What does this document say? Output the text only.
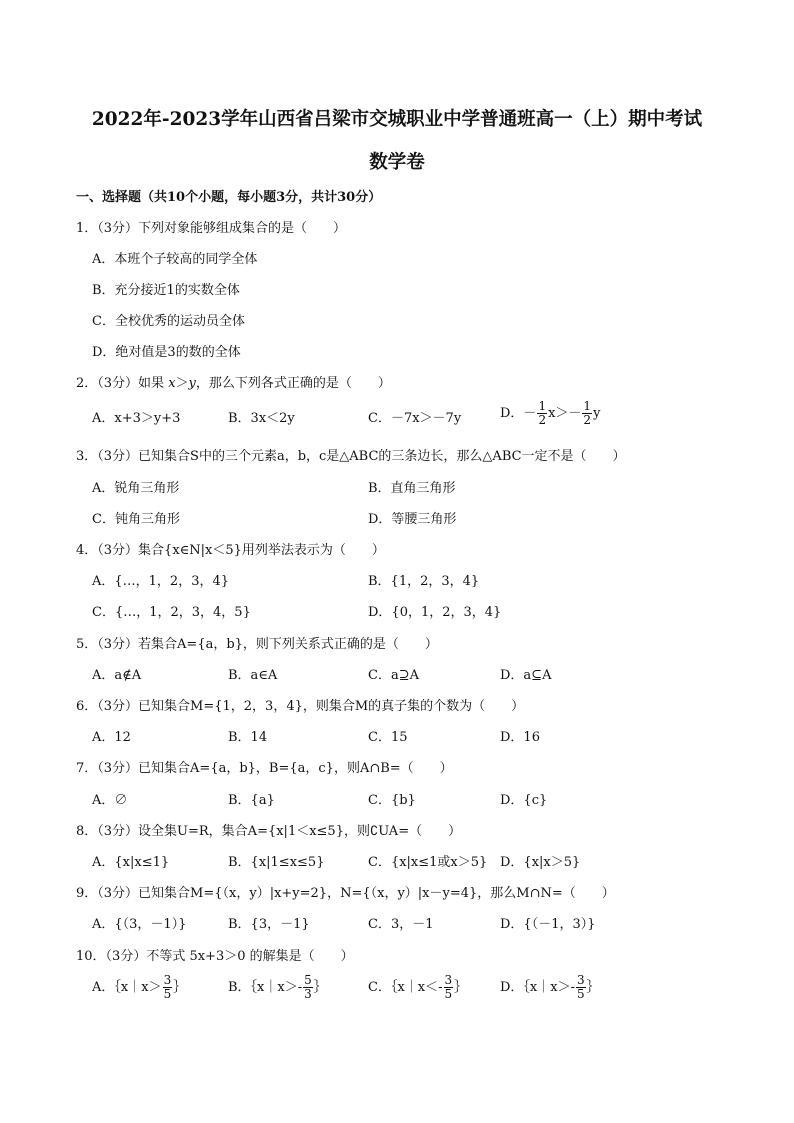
2022年-2023学年山西省吕梁市交城职业中学普通班高一（上）期中考试
数学卷
一、选择题（共10个小题，每小题3分，共计30分）
1．（3分）下列对象能够组成集合的是（　　）
A．本班个子较高的同学全体
B．充分接近1的实数全体
C．全校优秀的运动员全体
D．绝对值是3的数的全体
2．（3分）如果 x＞y，那么下列各式正确的是（　　）
A．x+3＞y+3	B．3x＜2y	C．－7x＞－7y	D．－ $\frac{1}{2} x>- \frac{1}{2}$ y
3．（3分）已知集合S中的三个元素a，b，c是△ABC的三条边长，那么△ABC一定不是（　　）
A．锐角三角形	B．直角三角形
C．钝角三角形	D．等腰三角形
4．（3分）集合{x∈N|x＜5}用列举法表示为（　　）
A．{…，1，2，3，4}	B．{1，2，3，4}
C．{…，1，2，3，4，5}	D．{0，1，2，3，4}
5．（3分）若集合A={a，b}，则下列关系式正确的是（　　）
A．a∉A	B．a∈A	C．a⊇A	D．a⊆A
6．（3分）已知集合M={1，2，3，4}，则集合M的真子集的个数为（　　）
A．12	B．14	C．15	D．16
7．（3分）已知集合A={a，b}，B={a，c}，则A∩B=（　　）
A．∅	B．{a}	C．{b}	D．{c}
8．（3分）设全集U=R，集合A={x|1＜x≤5}，则∁UA=（　　）
A．{x|x≤1}	B．{x|1≤x≤5}	C．{x|x≤1或x＞5} D．{x|x＞5}
9．（3分）已知集合M={（x，y）|x+y=2}，N={（x，y）|x－y=4}，那么M∩N=（　　）
A．{（3，－1）}	B．{3，－1}	C．3，－1	D．{（－1，3）}
10．（3分）不等式 5x+3＞0 的解集是（　　）
A．｛x｜x＞ $\frac{3}{5}$ ｝	B．｛x｜x＞- $\frac{5}{3}$ ｝	C．｛x｜x＜- $\frac{3}{5}$ ｝	D．｛x｜x＞- $\frac{3}{5}$ ｝
